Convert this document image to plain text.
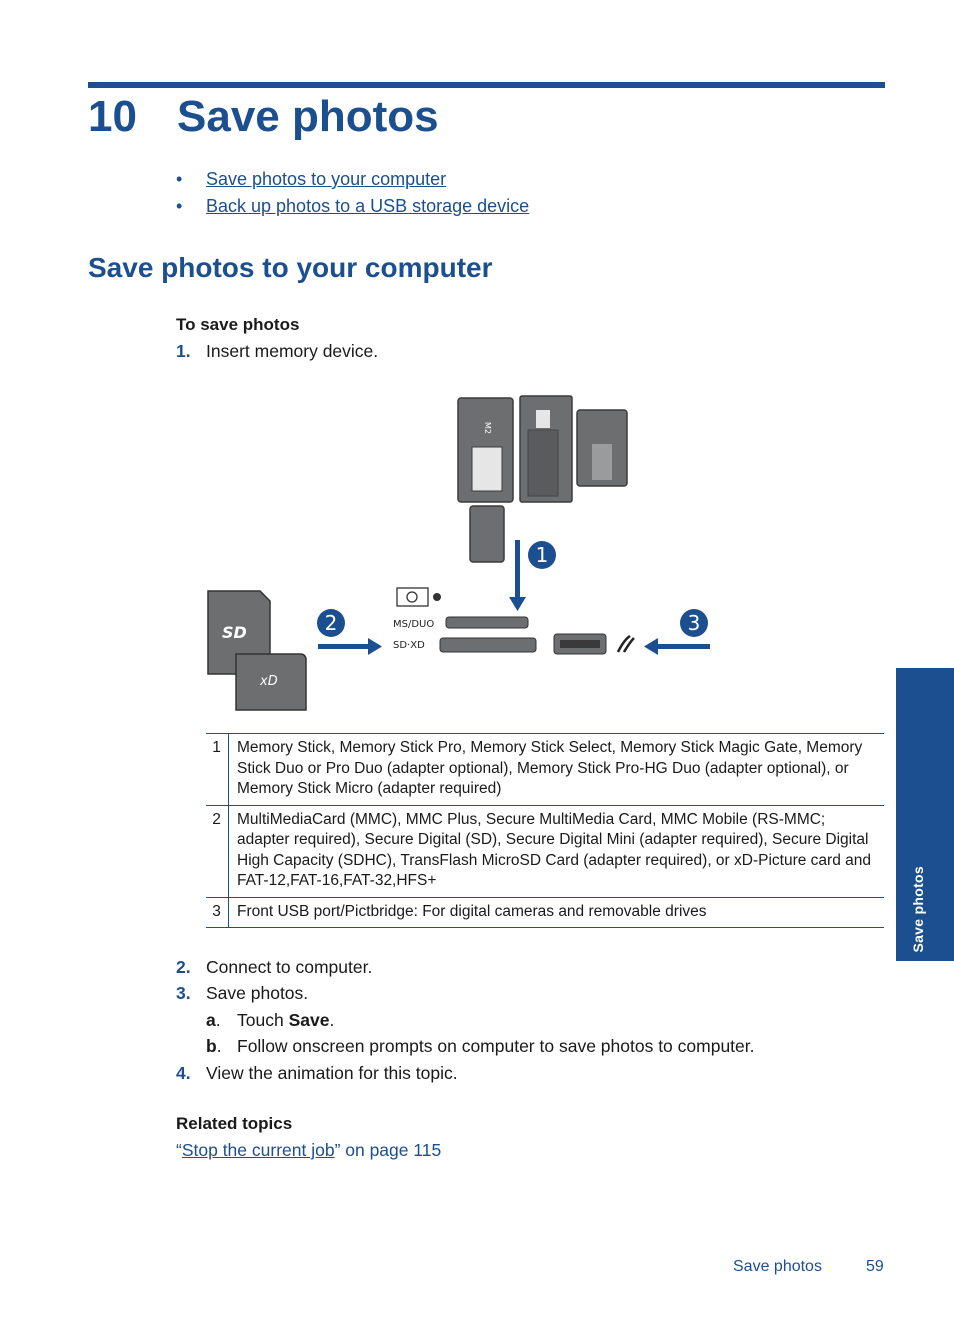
10 Save photos
• Save photos to your computer
• Back up photos to a USB storage device
Save photos to your computer
To save photos
1. Insert memory device.
M2
1
MS/DUO
SD·XD
SD
xD
2	3
1	Memory Stick, Memory Stick Pro, Memory Stick Select, Memory Stick Magic Gate, Memory Stick Duo or Pro Duo (adapter optional), Memory Stick Pro-HG Duo (adapter optional), or Memory Stick Micro (adapter required)
2	MultiMediaCard (MMC), MMC Plus, Secure MultiMedia Card, MMC Mobile (RS-MMC; adapter required), Secure Digital (SD), Secure Digital Mini (adapter required), Secure Digital High Capacity (SDHC), TransFlash MicroSD Card (adapter required), or xD-Picture card and FAT-12,FAT-16,FAT-32,HFS+
3	Front USB port/Pictbridge: For digital cameras and removable drives
2. Connect to computer.
3. Save photos.
a. Touch Save.
b. Follow onscreen prompts on computer to save photos to computer.
4. View the animation for this topic.
Related topics
“Stop the current job” on page 115
Save photos
Save photos	59
